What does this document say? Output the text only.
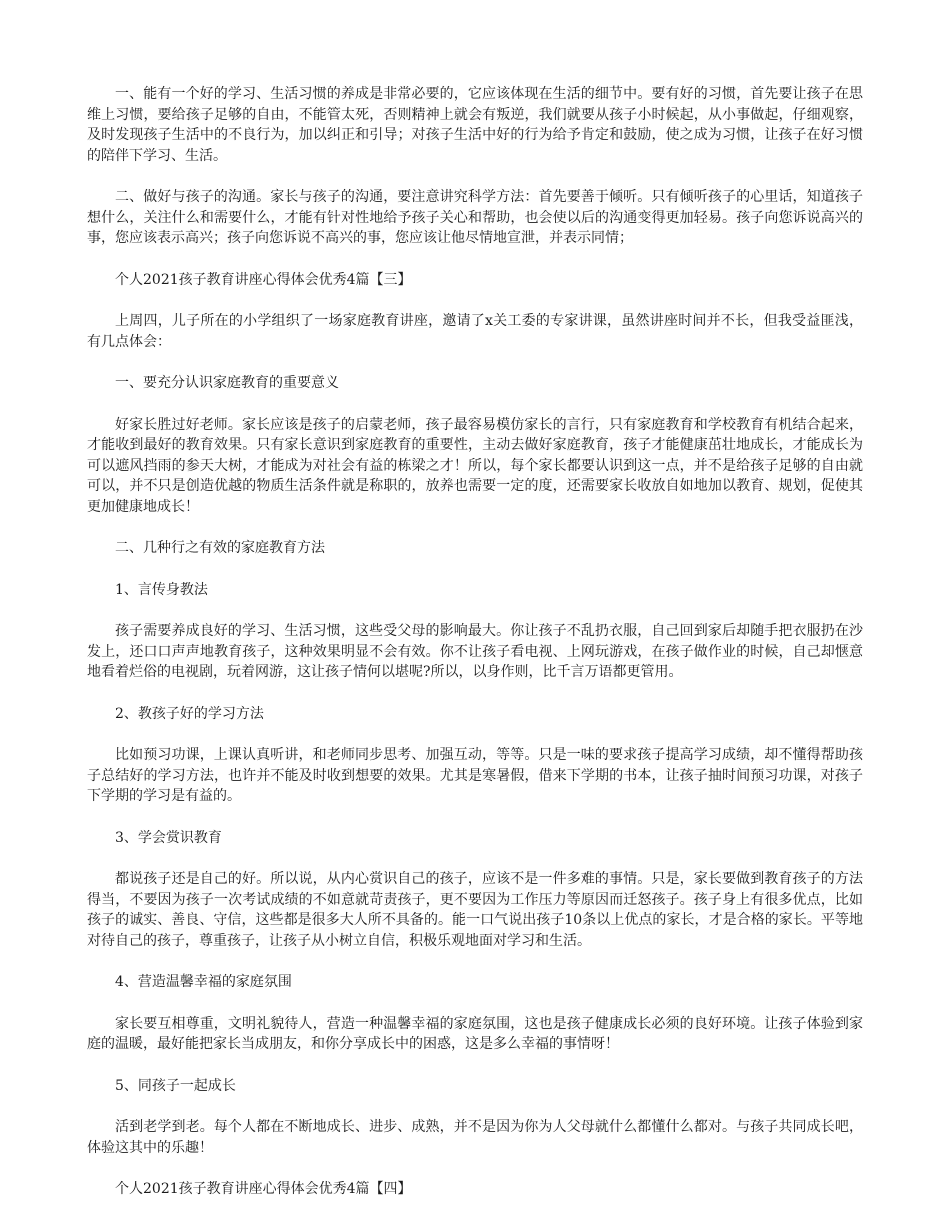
一、能有一个好的学习、生活习惯的养成是非常必要的，它应该体现在生活的细节中。要有好的习惯，首先要让孩子在思维上习惯，要给孩子足够的自由，不能管太死，否则精神上就会有叛逆，我们就要从孩子小时候起，从小事做起，仔细观察，及时发现孩子生活中的不良行为，加以纠正和引导；对孩子生活中好的行为给予肯定和鼓励，使之成为习惯，让孩子在好习惯的陪伴下学习、生活。

二、做好与孩子的沟通。家长与孩子的沟通，要注意讲究科学方法：首先要善于倾听。只有倾听孩子的心里话，知道孩子想什么，关注什么和需要什么，才能有针对性地给予孩子关心和帮助，也会使以后的沟通变得更加轻易。孩子向您诉说高兴的事，您应该表示高兴；孩子向您诉说不高兴的事，您应该让他尽情地宣泄，并表示同情；

个人2021孩子教育讲座心得体会优秀4篇【三】

上周四，儿子所在的小学组织了一场家庭教育讲座，邀请了x关工委的专家讲课，虽然讲座时间并不长，但我受益匪浅，有几点体会：

一、要充分认识家庭教育的重要意义

好家长胜过好老师。家长应该是孩子的启蒙老师，孩子最容易模仿家长的言行，只有家庭教育和学校教育有机结合起来，才能收到最好的教育效果。只有家长意识到家庭教育的重要性，主动去做好家庭教育，孩子才能健康茁壮地成长，才能成长为可以遮风挡雨的参天大树，才能成为对社会有益的栋梁之才！所以，每个家长都要认识到这一点，并不是给孩子足够的自由就可以，并不只是创造优越的物质生活条件就是称职的，放养也需要一定的度，还需要家长收放自如地加以教育、规划，促使其更加健康地成长！

二、几种行之有效的家庭教育方法

1、言传身教法

孩子需要养成良好的学习、生活习惯，这些受父母的影响最大。你让孩子不乱扔衣服，自己回到家后却随手把衣服扔在沙发上，还口口声声地教育孩子，这种效果明显不会有效。你不让孩子看电视、上网玩游戏，在孩子做作业的时候，自己却惬意地看着烂俗的电视剧，玩着网游，这让孩子情何以堪呢?所以，以身作则，比千言万语都更管用。

2、教孩子好的学习方法

比如预习功课，上课认真听讲，和老师同步思考、加强互动，等等。只是一味的要求孩子提高学习成绩，却不懂得帮助孩子总结好的学习方法，也许并不能及时收到想要的效果。尤其是寒暑假，借来下学期的书本，让孩子抽时间预习功课，对孩子下学期的学习是有益的。

3、学会赏识教育

都说孩子还是自己的好。所以说，从内心赏识自己的孩子，应该不是一件多难的事情。只是，家长要做到教育孩子的方法得当，不要因为孩子一次考试成绩的不如意就苛责孩子，更不要因为工作压力等原因而迁怒孩子。孩子身上有很多优点，比如孩子的诚实、善良、守信，这些都是很多大人所不具备的。能一口气说出孩子10条以上优点的家长，才是合格的家长。平等地对待自己的孩子，尊重孩子，让孩子从小树立自信，积极乐观地面对学习和生活。

4、营造温馨幸福的家庭氛围

家长要互相尊重，文明礼貌待人，营造一种温馨幸福的家庭氛围，这也是孩子健康成长必须的良好环境。让孩子体验到家庭的温暖，最好能把家长当成朋友，和你分享成长中的困惑，这是多么幸福的事情呀！

5、同孩子一起成长

活到老学到老。每个人都在不断地成长、进步、成熟，并不是因为你为人父母就什么都懂什么都对。与孩子共同成长吧，体验这其中的乐趣！

个人2021孩子教育讲座心得体会优秀4篇【四】
